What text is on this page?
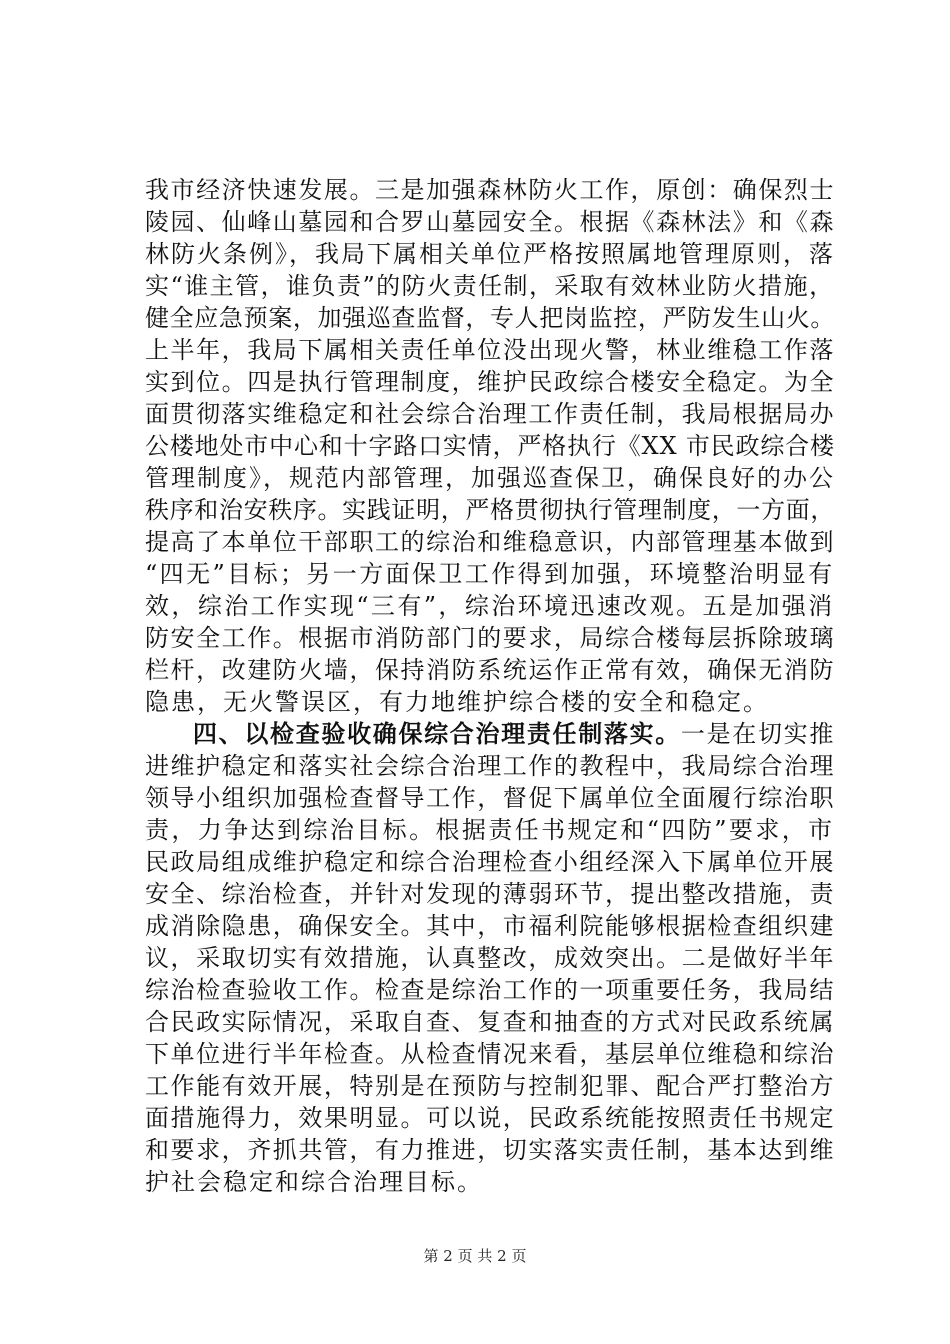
我市经济快速发展。三是加强森林防火工作，原创：确保烈士
陵园、仙峰山墓园和合罗山墓园安全。根据《森林法》和《森
林防火条例》，我局下属相关单位严格按照属地管理原则，落
实“谁主管，谁负责”的防火责任制，采取有效林业防火措施，
健全应急预案，加强巡查监督，专人把岗监控，严防发生山火。
上半年，我局下属相关责任单位没出现火警，林业维稳工作落
实到位。四是执行管理制度，维护民政综合楼安全稳定。为全
面贯彻落实维稳定和社会综合治理工作责任制，我局根据局办
公楼地处市中心和十字路口实情，严格执行《XX 市民政综合楼
管理制度》，规范内部管理，加强巡查保卫，确保良好的办公
秩序和治安秩序。实践证明，严格贯彻执行管理制度，一方面，
提高了本单位干部职工的综治和维稳意识，内部管理基本做到
“四无”目标；另一方面保卫工作得到加强，环境整治明显有
效，综治工作实现“三有”，综治环境迅速改观。五是加强消
防安全工作。根据市消防部门的要求，局综合楼每层拆除玻璃
栏杆，改建防火墙，保持消防系统运作正常有效，确保无消防
隐患，无火警误区，有力地维护综合楼的安全和稳定。
四、以检查验收确保综合治理责任制落实。一是在切实推
进维护稳定和落实社会综合治理工作的教程中，我局综合治理
领导小组织加强检查督导工作，督促下属单位全面履行综治职
责，力争达到综治目标。根据责任书规定和“四防”要求，市
民政局组成维护稳定和综合治理检查小组经深入下属单位开展
安全、综治检查，并针对发现的薄弱环节，提出整改措施，责
成消除隐患，确保安全。其中，市福利院能够根据检查组织建
议，采取切实有效措施，认真整改，成效突出。二是做好半年
综治检查验收工作。检查是综治工作的一项重要任务，我局结
合民政实际情况，采取自查、复查和抽查的方式对民政系统属
下单位进行半年检查。从检查情况来看，基层单位维稳和综治
工作能有效开展，特别是在预防与控制犯罪、配合严打整治方
面措施得力，效果明显。可以说，民政系统能按照责任书规定
和要求，齐抓共管，有力推进，切实落实责任制，基本达到维
护社会稳定和综合治理目标。
第 2 页 共 2 页
